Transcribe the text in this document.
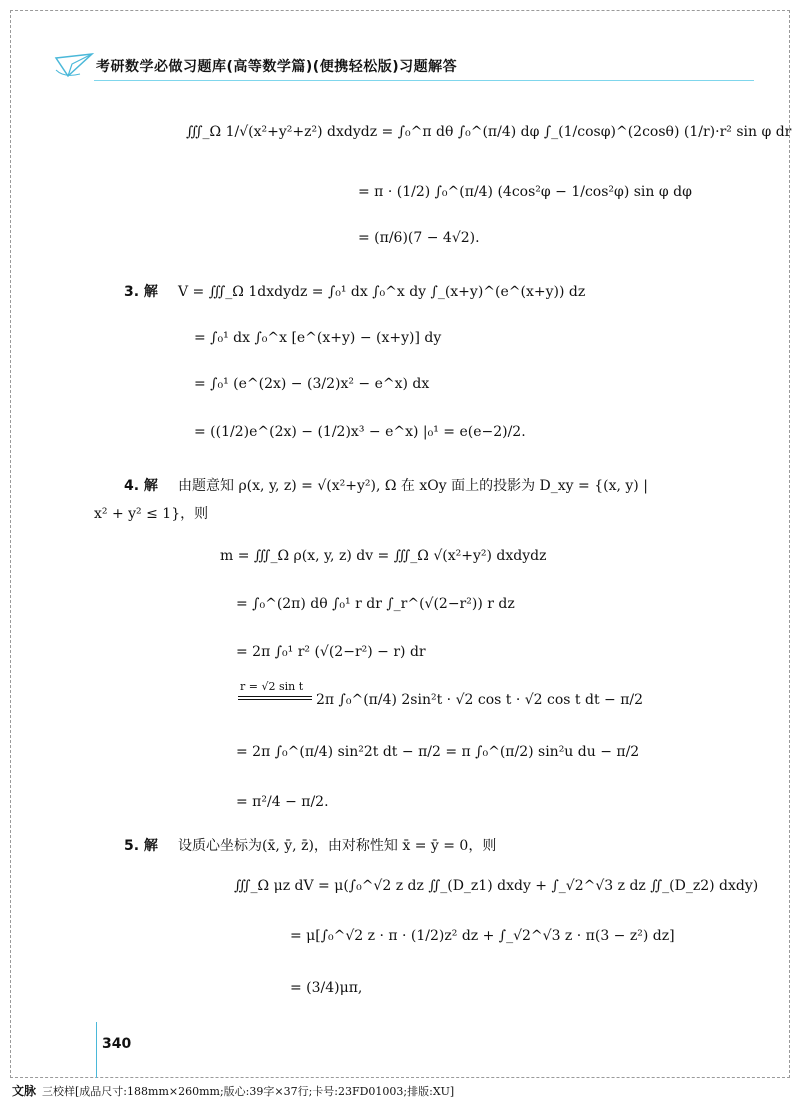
考研数学必做习题库(高等数学篇)(便携轻松版)习题解答
∭_Ω 1/√(x²+y²+z²) dxdydz = ∫₀^π dθ ∫₀^(π/4) dφ ∫_(1/cosφ)^(2cosθ) (1/r)·r² sin φ dr
= π · (1/2) ∫₀^(π/4) (4cos²φ − 1/cos²φ) sin φ dφ
= (π/6)(7 − 4√2).
3. 解 V = ∭_Ω 1dxdydz = ∫₀¹ dx ∫₀^x dy ∫_(x+y)^(e^(x+y)) dz
= ∫₀¹ dx ∫₀^x [e^(x+y) − (x+y)] dy
= ∫₀¹ (e^(2x) − (3/2)x² − e^x) dx
= ((1/2)e^(2x) − (1/2)x³ − e^x) |₀¹ = e(e−2)/2.
4. 解 由题意知 ρ(x, y, z) = √(x²+y²), Ω 在 xOy 面上的投影为 D_xy = {(x, y) |
x² + y² ≤ 1}，则
m = ∭_Ω ρ(x, y, z) dv = ∭_Ω √(x²+y²) dxdydz
= ∫₀^(2π) dθ ∫₀¹ r dr ∫_r^(√(2−r²)) r dz
= 2π ∫₀¹ r² (√(2−r²) − r) dr
r = √2 sin t
2π ∫₀^(π/4) 2sin²t · √2 cos t · √2 cos t dt − π/2
= 2π ∫₀^(π/4) sin²2t dt − π/2 = π ∫₀^(π/2) sin²u du − π/2
= π²/4 − π/2.
5. 解 设质心坐标为(x̄, ȳ, z̄)，由对称性知 x̄ = ȳ = 0，则
∭_Ω μz dV = μ(∫₀^√2 z dz ∬_(D_z1) dxdy + ∫_√2^√3 z dz ∬_(D_z2) dxdy)
= μ[∫₀^√2 z · π · (1/2)z² dz + ∫_√2^√3 z · π(3 − z²) dz]
= (3/4)μπ,
340
文脉 三校样[成品尺寸:188mm×260mm;版心:39字×37行;卡号:23FD01003;排版:XU]
